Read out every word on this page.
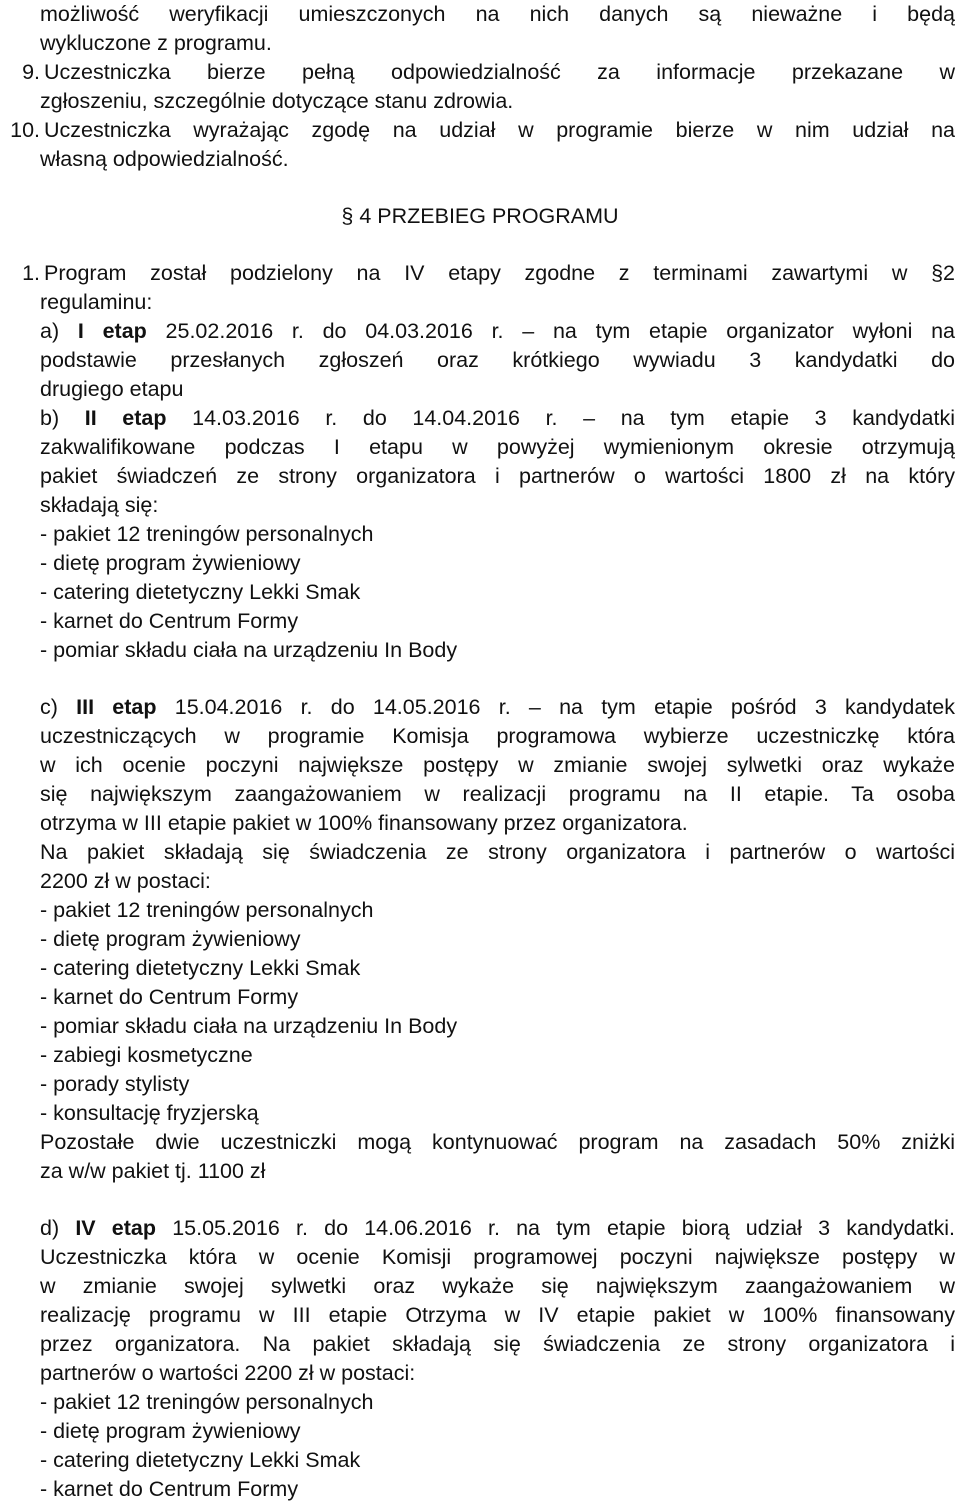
możliwość weryfikacji umieszczonych na nich danych są nieważne i będą
wykluczone z programu.
9. Uczestniczka bierze pełną odpowiedzialność za informacje przekazane w
zgłoszeniu, szczególnie dotyczące stanu zdrowia.
10. Uczestniczka wyrażając zgodę na udział w programie bierze w nim udział na
własną odpowiedzialność.
§ 4 PRZEBIEG PROGRAMU
1. Program został podzielony na IV etapy zgodne z terminami zawartymi w §2
regulaminu:
a) I etap 25.02.2016 r. do 04.03.2016 r. – na tym etapie organizator wyłoni na
podstawie przesłanych zgłoszeń oraz krótkiego wywiadu 3 kandydatki do
drugiego etapu
b) II etap 14.03.2016 r. do 14.04.2016 r. – na tym etapie 3 kandydatki
zakwalifikowane podczas I etapu w powyżej wymienionym okresie otrzymują
pakiet świadczeń ze strony organizatora i partnerów o wartości 1800 zł na który
składają się:
- pakiet 12 treningów personalnych
- dietę program żywieniowy
- catering dietetyczny Lekki Smak
- karnet do Centrum Formy
- pomiar składu ciała na urządzeniu In Body
c) III etap 15.04.2016 r. do 14.05.2016 r. – na tym etapie pośród 3 kandydatek
uczestniczących w programie Komisja programowa wybierze uczestniczkę która
w ich ocenie poczyni największe postępy w zmianie swojej sylwetki oraz wykaże
się największym zaangażowaniem w realizacji programu na II etapie. Ta osoba
otrzyma w III etapie pakiet w 100% finansowany przez organizatora.
Na pakiet składają się świadczenia ze strony organizatora i partnerów o wartości
2200 zł w postaci:
- pakiet 12 treningów personalnych
- dietę program żywieniowy
- catering dietetyczny Lekki Smak
- karnet do Centrum Formy
- pomiar składu ciała na urządzeniu In Body
- zabiegi kosmetyczne
- porady stylisty
- konsultację fryzjerską
Pozostałe dwie uczestniczki mogą kontynuować program na zasadach 50% zniżki
za w/w pakiet tj. 1100 zł
d) IV etap 15.05.2016 r. do 14.06.2016 r. na tym etapie biorą udział 3 kandydatki.
Uczestniczka która w ocenie Komisji programowej poczyni największe postępy w
w zmianie swojej sylwetki oraz wykaże się największym zaangażowaniem w
realizację programu w III etapie Otrzyma w IV etapie pakiet w 100% finansowany
przez organizatora. Na pakiet składają się świadczenia ze strony organizatora i
partnerów o wartości 2200 zł w postaci:
- pakiet 12 treningów personalnych
- dietę program żywieniowy
- catering dietetyczny Lekki Smak
- karnet do Centrum Formy
